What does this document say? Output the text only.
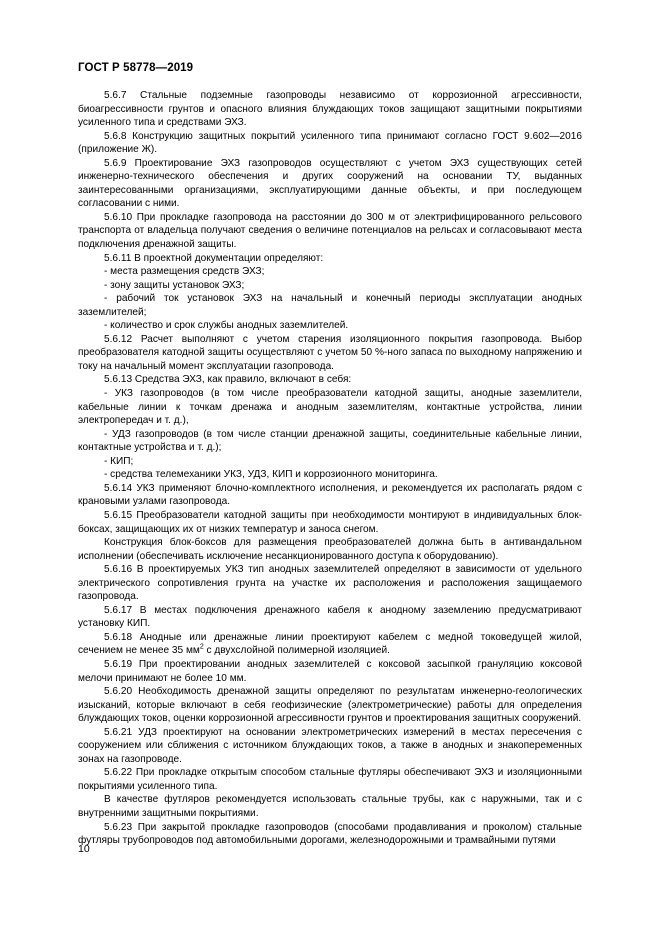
ГОСТ Р 58778—2019

5.6.7 Стальные подземные газопроводы независимо от коррозионной агрессивности, биоагрессивности грунтов и опасного влияния блуждающих токов защищают защитными покрытиями усиленного типа и средствами ЭХЗ.

5.6.8 Конструкцию защитных покрытий усиленного типа принимают согласно ГОСТ 9.602—2016 (приложение Ж).

5.6.9 Проектирование ЭХЗ газопроводов осуществляют с учетом ЭХЗ существующих сетей инженерно-технического обеспечения и других сооружений на основании ТУ, выданных заинтересованными организациями, эксплуатирующими данные объекты, и при последующем согласовании с ними.

5.6.10 При прокладке газопровода на расстоянии до 300 м от электрифицированного рельсового транспорта от владельца получают сведения о величине потенциалов на рельсах и согласовывают места подключения дренажной защиты.

5.6.11 В проектной документации определяют:

- места размещения средств ЭХЗ;

- зону защиты установок ЭХЗ;

- рабочий ток установок ЭХЗ на начальный и конечный периоды эксплуатации анодных заземлителей;

- количество и срок службы анодных заземлителей.

5.6.12 Расчет выполняют с учетом старения изоляционного покрытия газопровода. Выбор преобразователя катодной защиты осуществляют с учетом 50 %-ного запаса по выходному напряжению и току на начальный момент эксплуатации газопровода.

5.6.13 Средства ЭХЗ, как правило, включают в себя:

- УКЗ газопроводов (в том числе преобразователи катодной защиты, анодные заземлители, кабельные линии к точкам дренажа и анодным заземлителям, контактные устройства, линии электропередач и т. д.),

- УДЗ газопроводов (в том числе станции дренажной защиты, соединительные кабельные линии, контактные устройства и т. д.);

- КИП;

- средства телемеханики УКЗ, УДЗ, КИП и коррозионного мониторинга.

5.6.14 УКЗ применяют блочно-комплектного исполнения, и рекомендуется их располагать рядом с крановыми узлами газопровода.

5.6.15 Преобразователи катодной защиты при необходимости монтируют в индивидуальных блок-боксах, защищающих их от низких температур и заноса снегом.

Конструкция блок-боксов для размещения преобразователей должна быть в антивандальном исполнении (обеспечивать исключение несанкционированного доступа к оборудованию).

5.6.16 В проектируемых УКЗ тип анодных заземлителей определяют в зависимости от удельного электрического сопротивления грунта на участке их расположения и расположения защищаемого газопровода.

5.6.17 В местах подключения дренажного кабеля к анодному заземлению предусматривают установку КИП.

5.6.18 Анодные или дренажные линии проектируют кабелем с медной токоведущей жилой, сечением не менее 35 $мм^2$ с двухслойной полимерной изоляцией.

5.6.19 При проектировании анодных заземлителей с коксовой засыпкой грануляцию коксовой мелочи принимают не более 10 мм.

5.6.20 Необходимость дренажной защиты определяют по результатам инженерно-геологических изысканий, которые включают в себя геофизические (электрометрические) работы для определения блуждающих токов, оценки коррозионной агрессивности грунтов и проектирования защитных сооружений.

5.6.21 УДЗ проектируют на основании электрометрических измерений в местах пересечения с сооружением или сближения с источником блуждающих токов, а также в анодных и знакопеременных зонах на газопроводе.

5.6.22 При прокладке открытым способом стальные футляры обеспечивают ЭХЗ и изоляционными покрытиями усиленного типа.

В качестве футляров рекомендуется использовать стальные трубы, как с наружными, так и с внутренними защитными покрытиями.

5.6.23 При закрытой прокладке газопроводов (способами продавливания и проколом) стальные футляры трубопроводов под автомобильными дорогами, железнодорожными и трамвайными путями

10
